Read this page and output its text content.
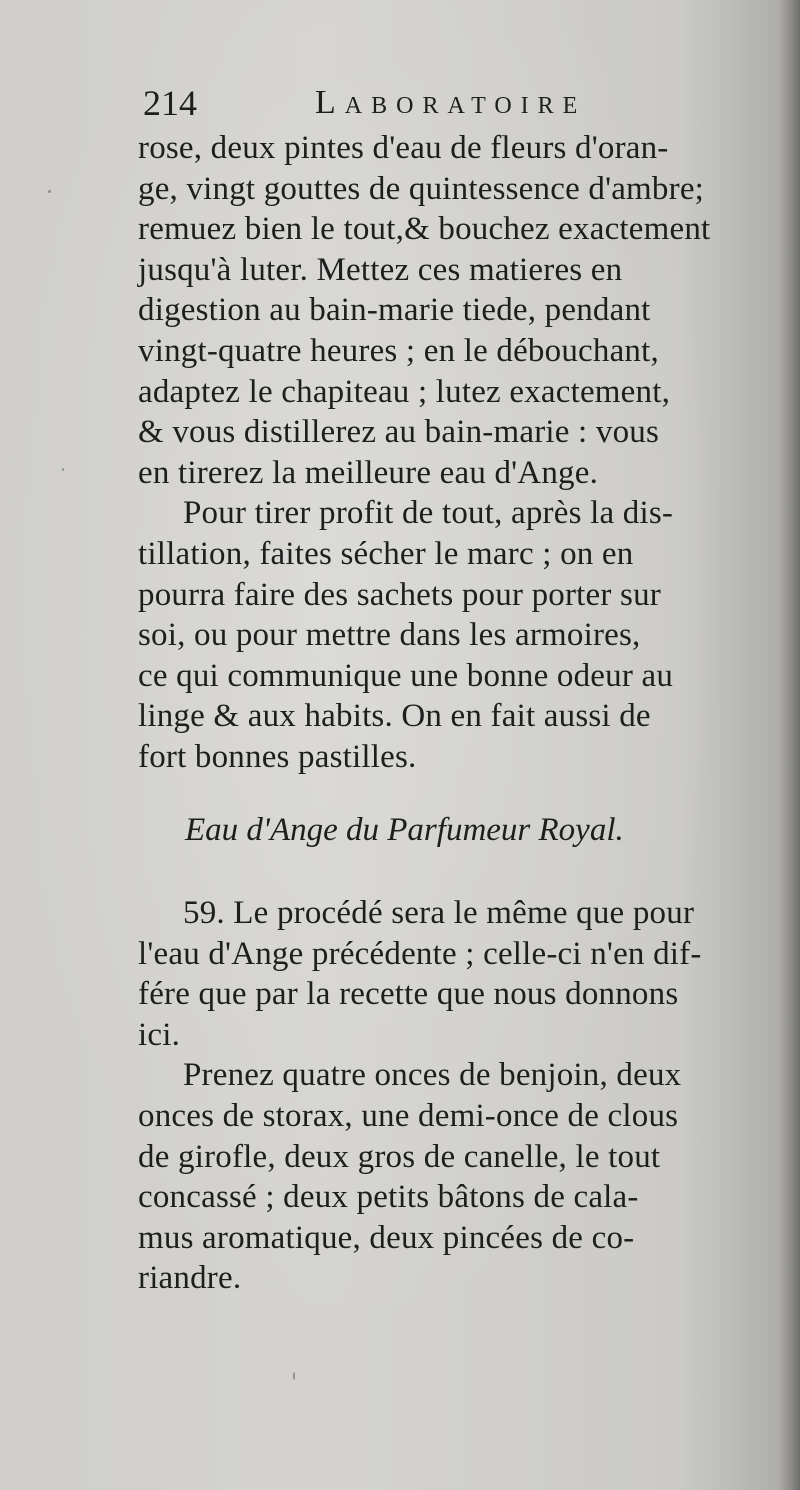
214	Laboratoire
rose, deux pintes d'eau de fleurs d'oran-
ge, vingt gouttes de quintessence d'ambre;
remuez bien le tout,& bouchez exactement
jusqu'à luter. Mettez ces matieres en
digestion au bain-marie tiede, pendant
vingt-quatre heures ; en le débouchant,
adaptez le chapiteau ; lutez exactement,
& vous distillerez au bain-marie : vous
en tirerez la meilleure eau d'Ange.
Pour tirer profit de tout, après la dis-
tillation, faites sécher le marc ; on en
pourra faire des sachets pour porter sur
soi, ou pour mettre dans les armoires,
ce qui communique une bonne odeur au
linge & aux habits. On en fait aussi de
fort bonnes pastilles.
Eau d'Ange du Parfumeur Royal.
59. Le procédé sera le même que pour
l'eau d'Ange précédente ; celle-ci n'en dif-
fére que par la recette que nous donnons
ici.
Prenez quatre onces de benjoin, deux
onces de storax, une demi-once de clous
de girofle, deux gros de canelle, le tout
concassé ; deux petits bâtons de cala-
mus aromatique, deux pincées de co-
riandre.
